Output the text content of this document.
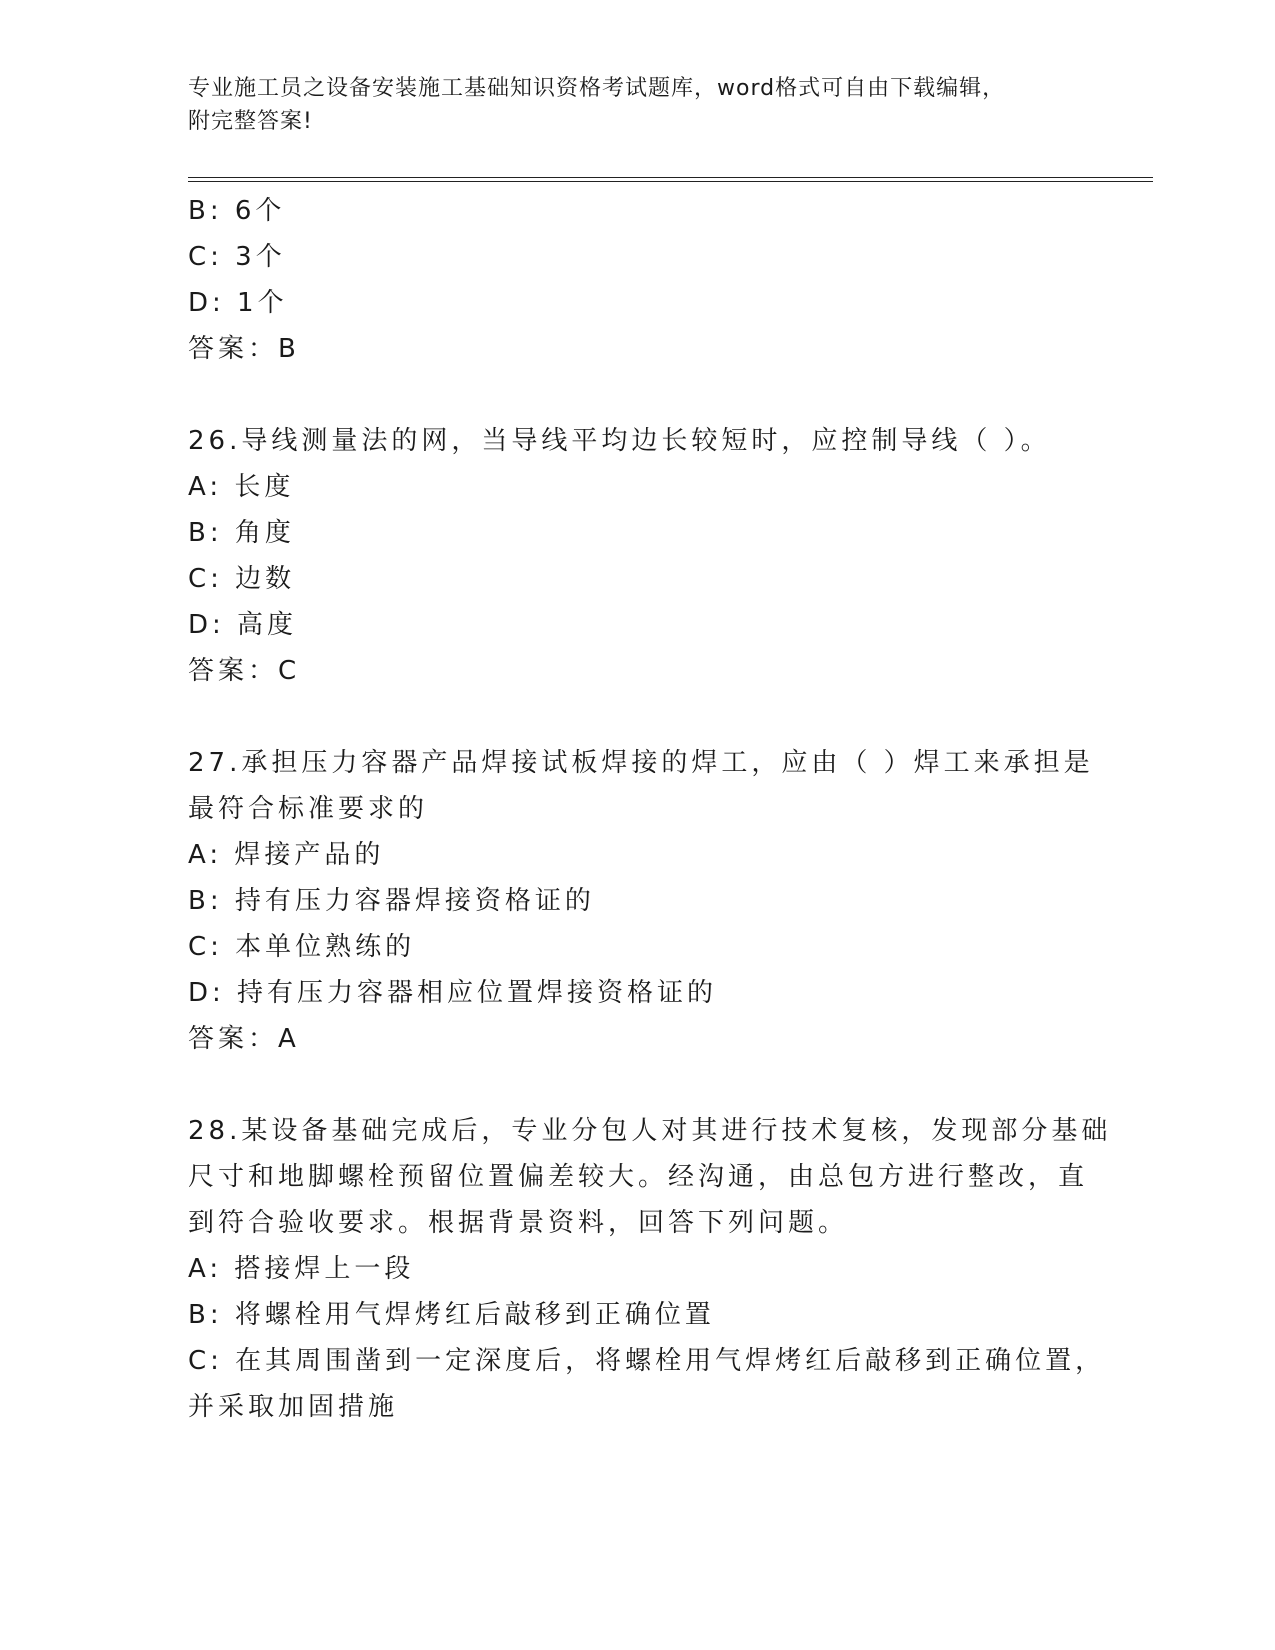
专业施工员之设备安装施工基础知识资格考试题库，word格式可自由下载编辑，
附完整答案!
B: 6个
C: 3个
D: 1个
答案：B
26.导线测量法的网，当导线平均边长较短时，应控制导线（ ）。
A: 长度
B: 角度
C: 边数
D: 高度
答案：C
27.承担压力容器产品焊接试板焊接的焊工，应由（ ）焊工来承担是
最符合标准要求的
A: 焊接产品的
B: 持有压力容器焊接资格证的
C: 本单位熟练的
D: 持有压力容器相应位置焊接资格证的
答案：A
28.某设备基础完成后，专业分包人对其进行技术复核，发现部分基础
尺寸和地脚螺栓预留位置偏差较大。经沟通，由总包方进行整改，直
到符合验收要求。根据背景资料，回答下列问题。
A: 搭接焊上一段
B: 将螺栓用气焊烤红后敲移到正确位置
C: 在其周围凿到一定深度后，将螺栓用气焊烤红后敲移到正确位置，
并采取加固措施
